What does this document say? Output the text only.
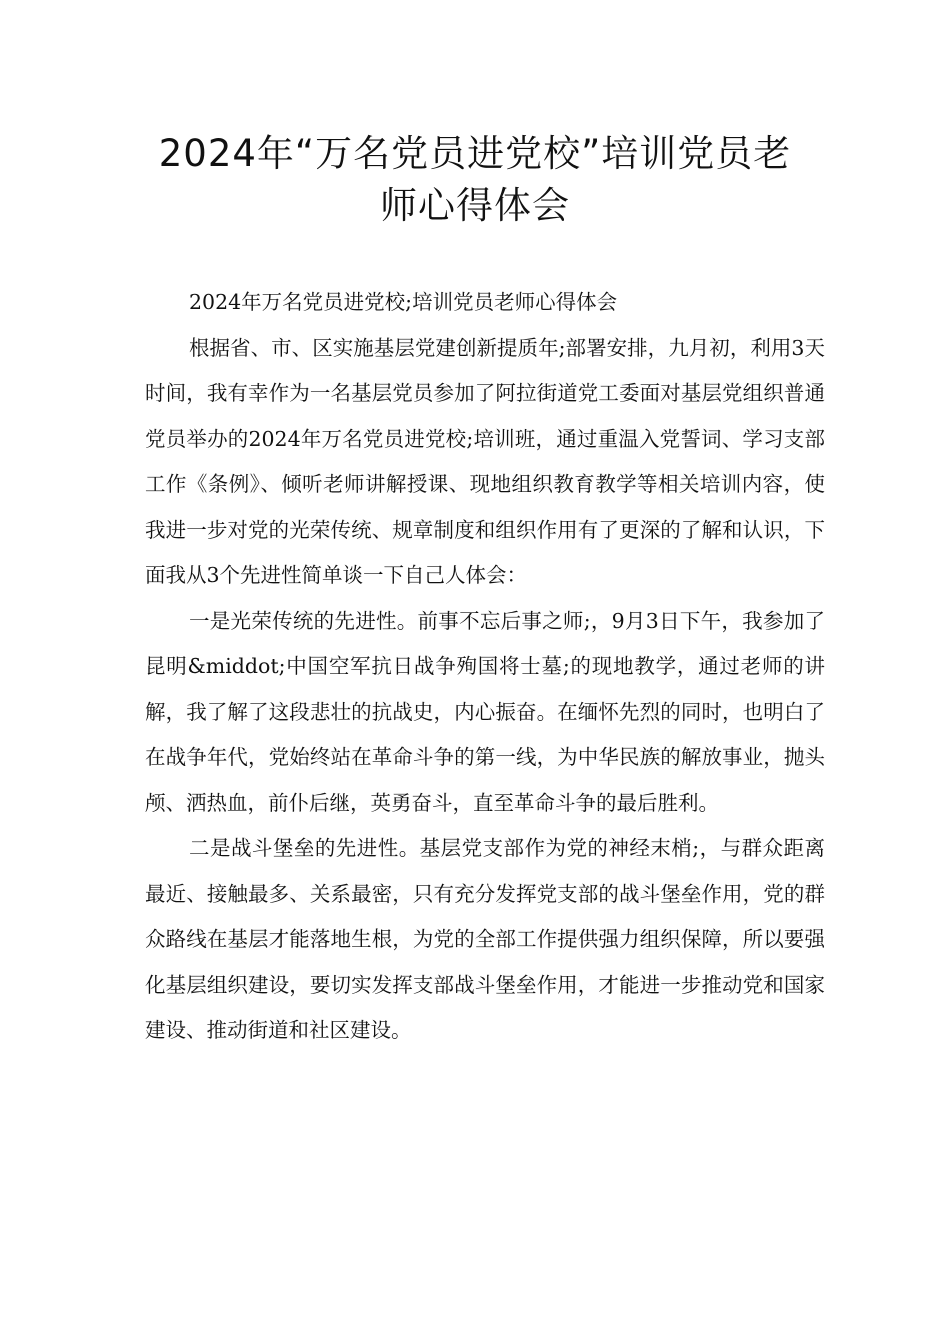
2024年“万名党员进党校”培训党员老
师心得体会

2024年万名党员进党校;培训党员老师心得体会

根据省、市、区实施基层党建创新提质年;部署安排，九月初，利用3天时间，我有幸作为一名基层党员参加了阿拉街道党工委面对基层党组织普通党员举办的2024年万名党员进党校;培训班，通过重温入党誓词、学习支部工作《条例》、倾听老师讲解授课、现地组织教育教学等相关培训内容，使我进一步对党的光荣传统、规章制度和组织作用有了更深的了解和认识，下面我从3个先进性简单谈一下自己人体会：

一是光荣传统的先进性。前事不忘后事之师;，9月3日下午，我参加了昆明&middot;中国空军抗日战争殉国将士墓;的现地教学，通过老师的讲解，我了解了这段悲壮的抗战史，内心振奋。在缅怀先烈的同时，也明白了在战争年代，党始终站在革命斗争的第一线，为中华民族的解放事业，抛头颅、洒热血，前仆后继，英勇奋斗，直至革命斗争的最后胜利。

二是战斗堡垒的先进性。基层党支部作为党的神经末梢;，与群众距离最近、接触最多、关系最密，只有充分发挥党支部的战斗堡垒作用，党的群众路线在基层才能落地生根，为党的全部工作提供强力组织保障，所以要强化基层组织建设，要切实发挥支部战斗堡垒作用，才能进一步推动党和国家建设、推动街道和社区建设。
